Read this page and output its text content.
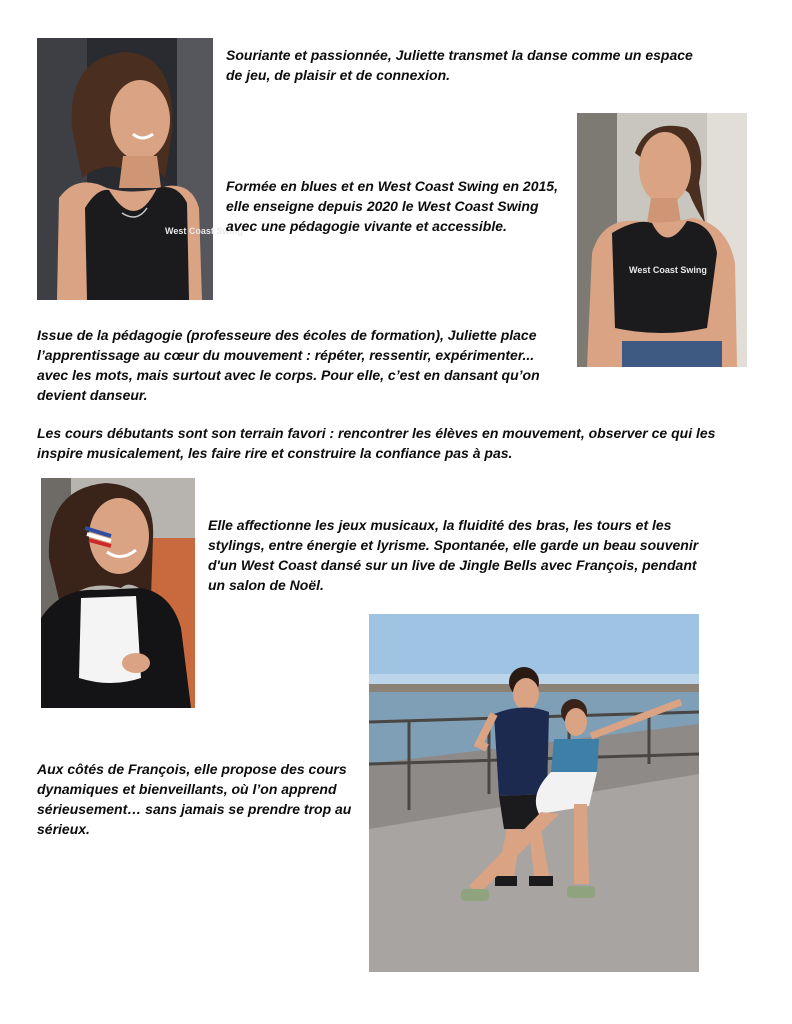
West Coast Swing

Souriante et passionnée, Juliette transmet la danse comme un espace de jeu, de plaisir et de connexion.

West Coast Swing

Formée en blues et en West Coast Swing en 2015, elle enseigne depuis 2020 le West Coast Swing avec une pédagogie vivante et accessible.

Issue de la pédagogie (professeure des écoles de formation), Juliette place l’apprentissage au cœur du mouvement : répéter, ressentir, expérimenter... avec les mots, mais surtout avec le corps. Pour elle, c’est en dansant qu’on devient danseur.

Les cours débutants sont son terrain favori : rencontrer les élèves en mouvement, observer ce qui les inspire musicalement, les faire rire et construire la confiance pas à pas.

Elle affectionne les jeux musicaux, la fluidité des bras, les tours et les stylings, entre énergie et lyrisme. Spontanée, elle garde un beau souvenir d'un West Coast dansé sur un live de Jingle Bells avec François, pendant un salon de Noël.

Aux côtés de François, elle propose des cours dynamiques et bienveillants, où l’on apprend sérieusement… sans jamais se prendre trop au sérieux.
